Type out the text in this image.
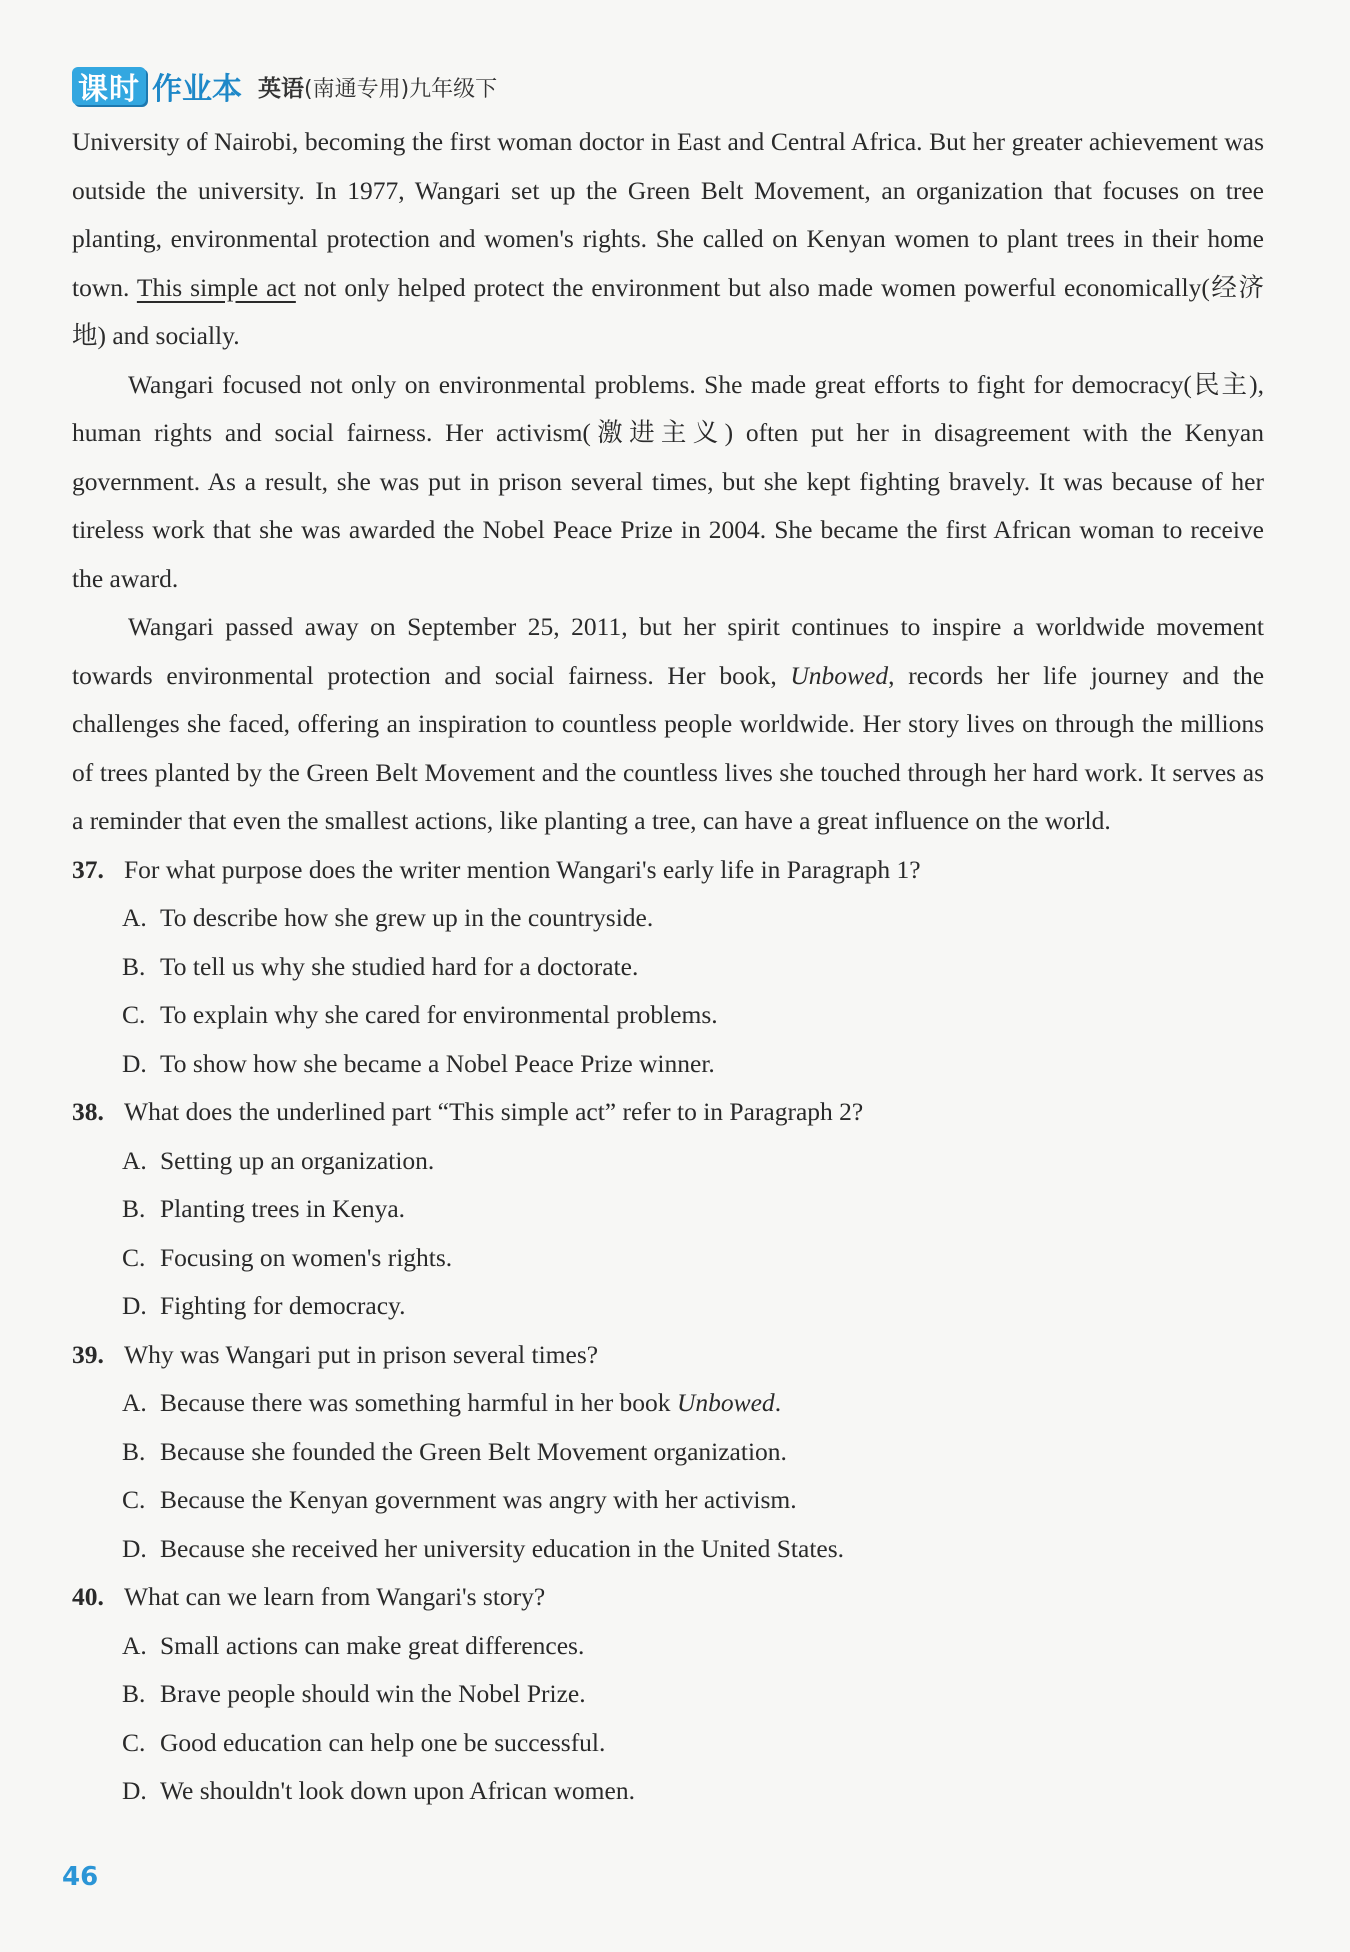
课时 作业本 英语(南通专用)九年级下

University of Nairobi, becoming the first woman doctor in East and Central Africa. But her greater achievement was outside the university. In 1977, Wangari set up the Green Belt Movement, an organization that focuses on tree planting, environmental protection and women's rights. She called on Kenyan women to plant trees in their home town. This simple act not only helped protect the environment but also made women powerful economically(经济地) and socially.

Wangari focused not only on environmental problems. She made great efforts to fight for democracy(民主), human rights and social fairness. Her activism(激进主义) often put her in disagreement with the Kenyan government. As a result, she was put in prison several times, but she kept fighting bravely. It was because of her tireless work that she was awarded the Nobel Peace Prize in 2004. She became the first African woman to receive the award.

Wangari passed away on September 25, 2011, but her spirit continues to inspire a worldwide movement towards environmental protection and social fairness. Her book, Unbowed, records her life journey and the challenges she faced, offering an inspiration to countless people worldwide. Her story lives on through the millions of trees planted by the Green Belt Movement and the countless lives she touched through her hard work. It serves as a reminder that even the smallest actions, like planting a tree, can have a great influence on the world.

37. For what purpose does the writer mention Wangari's early life in Paragraph 1?
A. To describe how she grew up in the countryside.
B. To tell us why she studied hard for a doctorate.
C. To explain why she cared for environmental problems.
D. To show how she became a Nobel Peace Prize winner.
38. What does the underlined part “This simple act” refer to in Paragraph 2?
A. Setting up an organization.
B. Planting trees in Kenya.
C. Focusing on women's rights.
D. Fighting for democracy.
39. Why was Wangari put in prison several times?
A. Because there was something harmful in her book Unbowed.
B. Because she founded the Green Belt Movement organization.
C. Because the Kenyan government was angry with her activism.
D. Because she received her university education in the United States.
40. What can we learn from Wangari's story?
A. Small actions can make great differences.
B. Brave people should win the Nobel Prize.
C. Good education can help one be successful.
D. We shouldn't look down upon African women.
46
